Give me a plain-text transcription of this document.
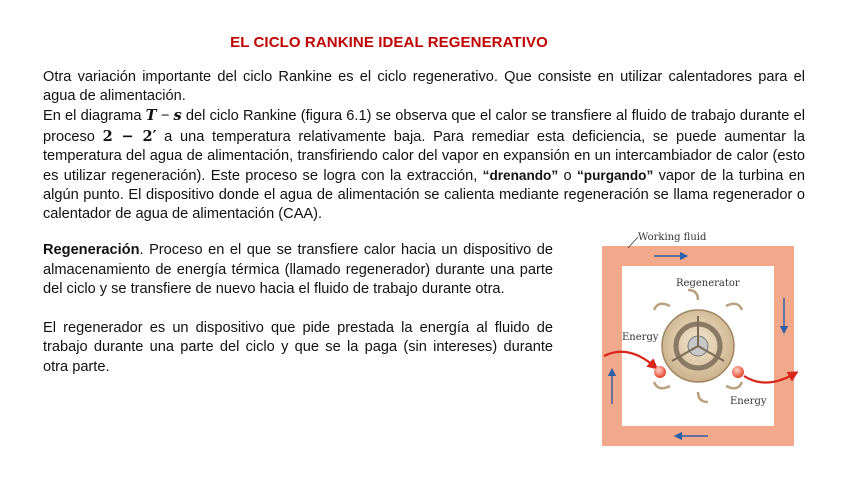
EL CICLO RANKINE IDEAL REGENERATIVO

Otra variación importante del ciclo Rankine es el ciclo regenerativo. Que consiste en utilizar calentadores para el agua de alimentación.

En el diagrama T − s del ciclo Rankine (figura 6.1) se observa que el calor se transfiere al fluido de trabajo durante el proceso 2 − 2′ a una temperatura relativamente baja. Para remediar esta deficiencia, se puede aumentar la temperatura del agua de alimentación, transfiriendo calor del vapor en expansión en un intercambiador de calor (esto es utilizar regeneración). Este proceso se logra con la extracción, “drenando” o “purgando” vapor de la turbina en algún punto. El dispositivo donde el agua de alimentación se calienta mediante regeneración se llama regenerador o calentador de agua de alimentación (CAA).

Regeneración. Proceso en el que se transfiere calor hacia un dispositivo de almacenamiento de energía térmica (llamado regenerador) durante una parte del ciclo y se transfiere de nuevo hacia el fluido de trabajo durante otra.

El regenerador es un dispositivo que pide prestada la energía al fluido de trabajo durante una parte del ciclo y que se la paga (sin intereses) durante otra parte.

Working fluid
Regenerator
Energy
Energy
